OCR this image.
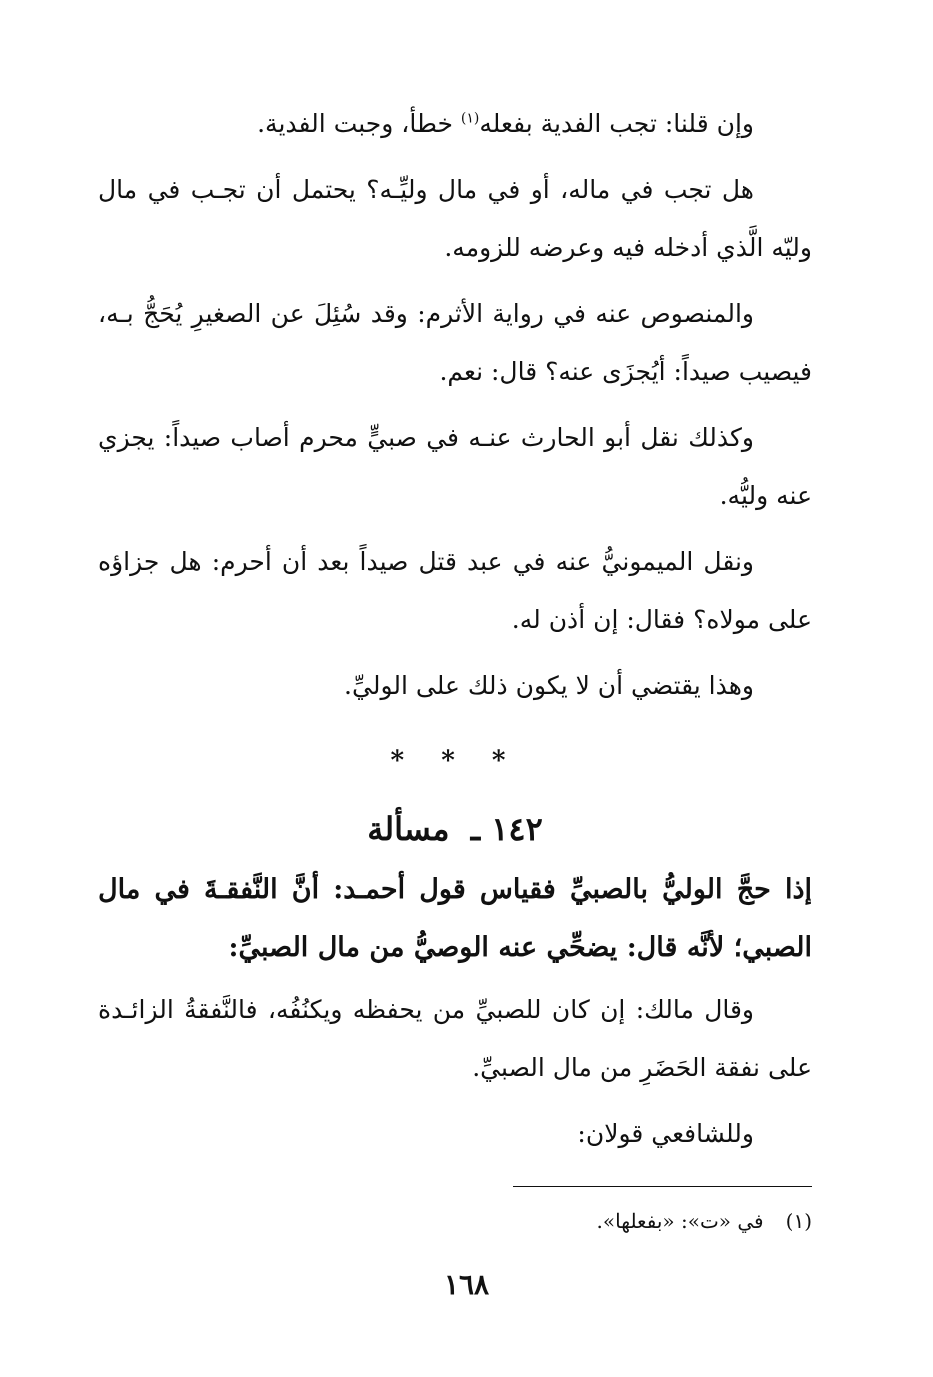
وإن قلنا: تجب الفدية بفعله$^{(١)}$ خطأ، وجبت الفدية.

هل تجب في ماله، أو في مال وليِّـه؟ يحتمل أن تجـب في مال وليّه الَّذي أدخله فيه وعرضه للزومه.

والمنصوص عنه في رواية الأثرم: وقد سُئِلَ عن الصغيرِ يُحَجُّ بـه، فيصيب صيداً: أيُجزَى عنه؟ قال: نعم.

وكذلك نقل أبو الحارث عنـه في صبيٍّ محرم أصاب صيداً: يجزي عنه وليُّه.

ونقل الميمونيُّ عنه في عبد قتل صيداً بعد أن أحرم: هل جزاؤه على مولاه؟ فقال: إن أذن له.

وهذا يقتضي أن لا يكون ذلك على الوليِّ.

* * *
١٤٢ ـ مسألة

إذا حجَّ الوليُّ بالصبيِّ فقياس قول أحمـد: أنَّ النَّفقـةَ في مال الصبي؛ لأنَّه قال: يضحِّي عنه الوصيُّ من مال الصبيِّ:

وقال مالك: إن كان للصبيِّ من يحفظه ويكنُفُه، فالنَّفقةُ الزائـدة على نفقة الحَضَرِ من مال الصبيِّ.

وللشافعي قولان:

(١)في «ت»: «بفعلها».
١٦٨
